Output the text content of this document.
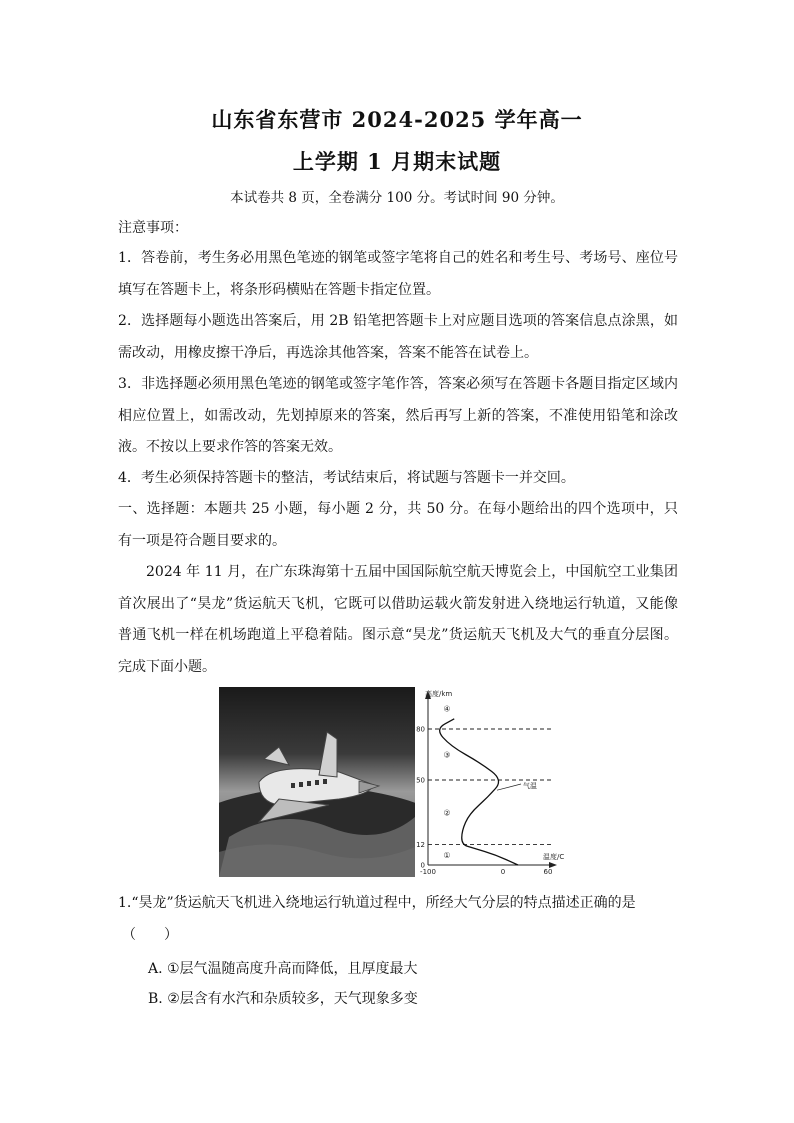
山东省东营市 2024-2025 学年高一
上学期 1 月期末试题
本试卷共 8 页，全卷满分 100 分。考试时间 90 分钟。
注意事项：
1．答卷前，考生务必用黑色笔迹的钢笔或签字笔将自己的姓名和考生号、考场号、座位号填写在答题卡上，将条形码横贴在答题卡指定位置。
2．选择题每小题选出答案后，用 2B 铅笔把答题卡上对应题目选项的答案信息点涂黑，如需改动，用橡皮擦干净后，再选涂其他答案，答案不能答在试卷上。
3．非选择题必须用黑色笔迹的钢笔或签字笔作答，答案必须写在答题卡各题目指定区域内相应位置上，如需改动，先划掉原来的答案，然后再写上新的答案，不准使用铅笔和涂改液。不按以上要求作答的答案无效。
4．考生必须保持答题卡的整洁，考试结束后，将试题与答题卡一并交回。
一、选择题：本题共 25 小题，每小题 2 分，共 50 分。在每小题给出的四个选项中，只有一项是符合题目要求的。
2024 年 11 月，在广东珠海第十五届中国国际航空航天博览会上，中国航空工业集团首次展出了“昊龙”货运航天飞机，它既可以借助运载火箭发射进入绕地运行轨道，又能像普通飞机一样在机场跑道上平稳着陆。图示意“昊龙”货运航天飞机及大气的垂直分层图。完成下面小题。
高度/km
温度/C
气温
0
12
50
80
-100	0	60
①
②
③
④
1.“昊龙”货运航天飞机进入绕地运行轨道过程中，所经大气分层的特点描述正确的是
（　　）
A. ①层气温随高度升高而降低，且厚度最大
B. ②层含有水汽和杂质较多，天气现象多变
